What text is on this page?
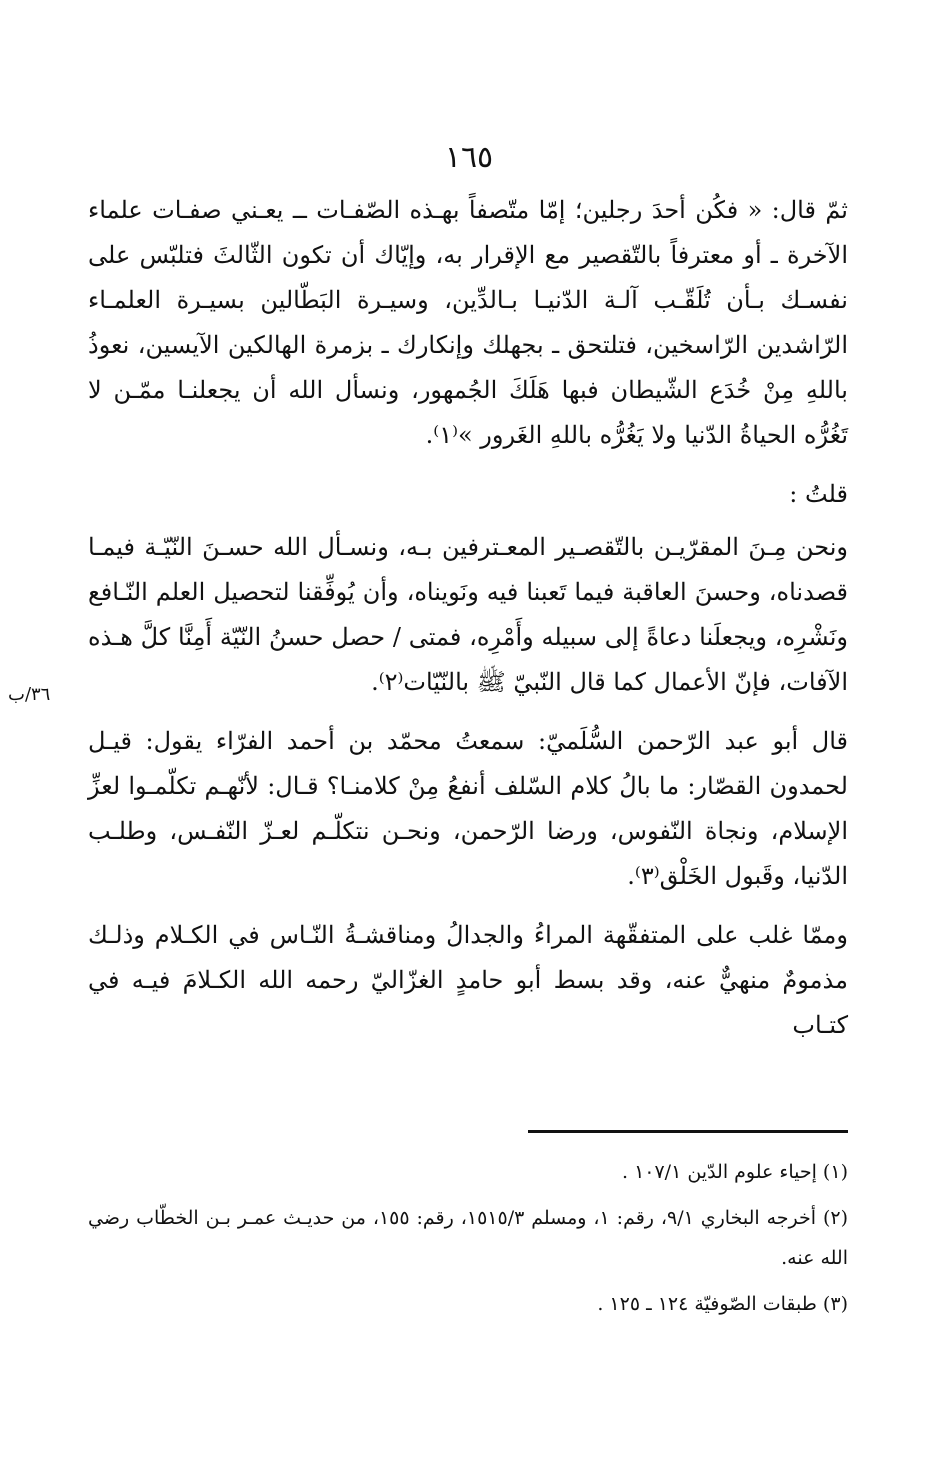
١٦٥
٣٦/ب

ثمّ قال: « فكُن أحدَ رجلين؛ إمّا متّصفاً بهـذه الصّفـات ــ يعـني صفـات علماء الآخرة ـ أو معترفاً بالتّقصير مع الإقرار به، وإيّاك أن تكون الثّالثَ فتلبّس على نفسـك بـأن تُلَقّـب آلـة الدّنيـا بـالدِّين، وسيـرة البَطّالين بسيـرة العلمـاء الرّاشدين الرّاسخين، فتلتحق ـ بجهلك وإنكارك ـ بزمرة الهالكين الآيسين، نعوذُ باللهِ مِنْ خُدَع الشّيطان فبها هَلَكَ الجُمهور، ونسأل الله أن يجعلنـا ممّـن لا تَغُرُّه الحياةُ الدّنيا ولا يَغُرُّه باللهِ الغَرور »⁽١⁾.

قلتُ :

ونحن مِـنَ المقرّيـن بالتّقصـير المعـترفين بـه، ونسـأل الله حسـنَ النّيّـة فيمـا قصدناه، وحسنَ العاقبة فيما تَعبنا فيه ونَويناه، وأن يُوفِّقنا لتحصيل العلم النّـافع ونَشْرِه، ويجعلَنا دعاةً إلى سبيله وأَمْرِه، فمتى / حصل حسنُ النّيّة أَمِنَّا كلَّ هـذه الآفات، فإنّ الأعمال كما قال النّبيّ ﷺ بالنّيّات⁽٢⁾.

قال أبو عبد الرّحمن السُّلَميّ: سمعتُ محمّد بن أحمد الفرّاء يقول: قيـل لحمدون القصّار: ما بالُ كلام السّلف أنفعُ مِنْ كلامنـا؟ قـال: لأنّهـم تكلّمـوا لعزِّ الإسلام، ونجاة النّفوس، ورضا الرّحمن، ونحـن نتكلّـم لعـزّ النّفـس، وطلـب الدّنيا، وقَبول الخَلْق⁽٣⁾.

وممّا غلب على المتفقّهة المراءُ والجدالُ ومناقشـةُ النّـاس في الكـلام وذلـك مذمومٌ منهيٌّ عنه، وقد بسط أبو حامدٍ الغزّاليّ رحمه الله الكـلامَ فيـه في كتـاب

(١) إحياء علوم الدّين ١٠٧/١ .

(٢) أخرجه البخاري ٩/١، رقم: ١، ومسلم ١٥١٥/٣، رقم: ١٥٥، من حديـث عمـر بـن الخطّاب رضي الله عنه.

(٣) طبقات الصّوفيّة ١٢٤ ـ ١٢٥ .
